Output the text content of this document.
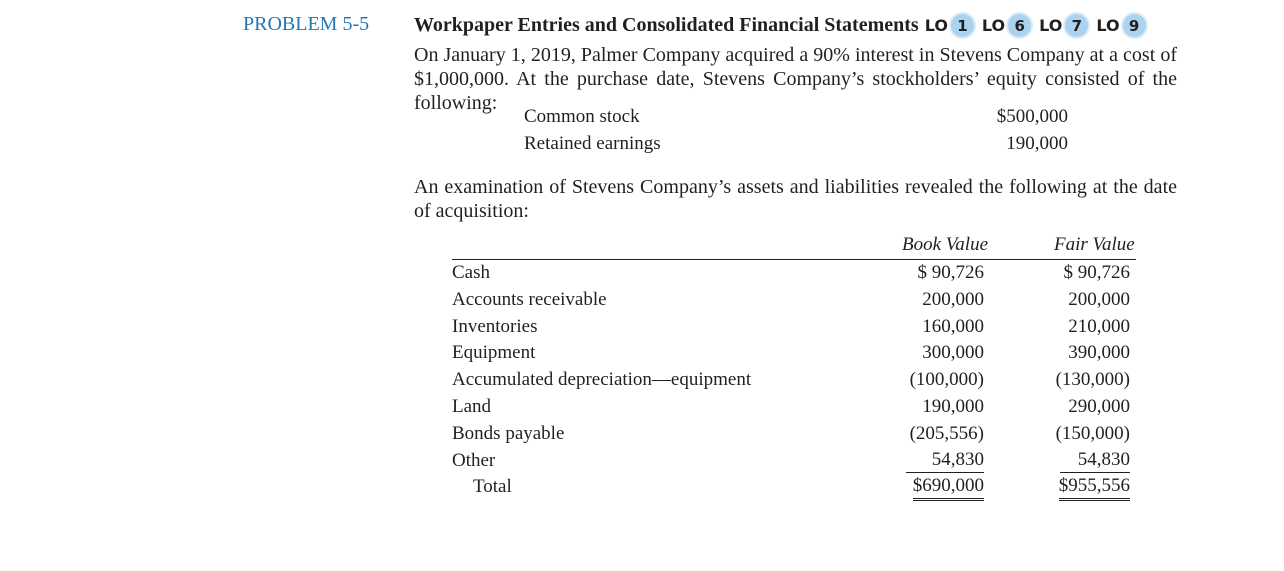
PROBLEM 5-5 Workpaper Entries and Consolidated Financial Statements LO 1 LO 6 LO 7 LO 9
On January 1, 2019, Palmer Company acquired a 90% interest in Stevens Company at a cost of $1,000,000. At the purchase date, Stevens Company’s stockholders’ equity consisted of the following:
Common stock	$500,000
Retained earnings	190,000
An examination of Stevens Company’s assets and liabilities revealed the following at the date of acquisition:
Book Value	Fair Value
Cash	$ 90,726	$ 90,726
Accounts receivable	200,000	200,000
Inventories	160,000	210,000
Equipment	300,000	390,000
Accumulated depreciation—equipment	(100,000)	(130,000)
Land	190,000	290,000
Bonds payable	(205,556)	(150,000)
Other	54,830	54,830
Total	$690,000	$955,556
